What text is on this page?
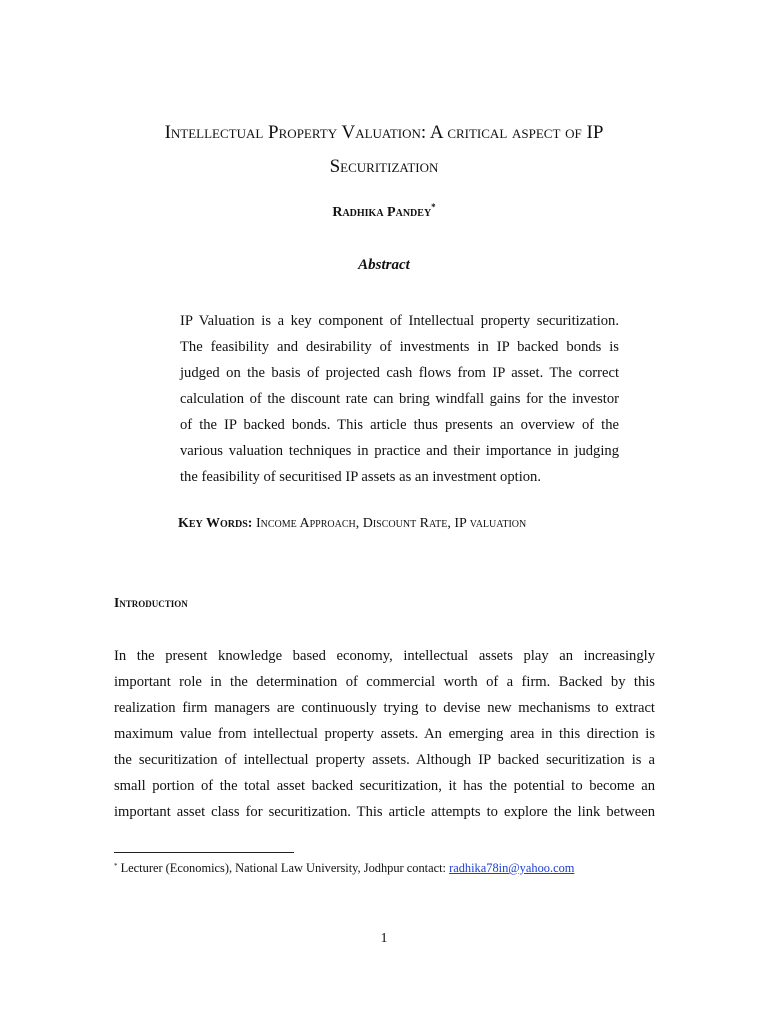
Intellectual Property Valuation: A critical aspect of IP
Securitization
Radhika Pandey*
Abstract
IP Valuation is a key component of Intellectual property securitization.
The feasibility and desirability of investments in IP backed bonds is
judged on the basis of projected cash flows from IP asset. The correct
calculation of the discount rate can bring windfall gains for the investor
of the IP backed bonds. This article thus presents an overview of the
various valuation techniques in practice and their importance in judging
the feasibility of securitised IP assets as an investment option.
Key Words: Income Approach, Discount Rate, IP valuation
Introduction
In the present knowledge based economy, intellectual assets play an increasingly
important role in the determination of commercial worth of a firm. Backed by this
realization firm managers are continuously trying to devise new mechanisms to extract
maximum value from intellectual property assets. An emerging area in this direction is
the securitization of intellectual property assets. Although IP backed securitization is a
small portion of the total asset backed securitization, it has the potential to become an
important asset class for securitization. This article attempts to explore the link between
* Lecturer (Economics), National Law University, Jodhpur contact: radhika78in@yahoo.com
1
